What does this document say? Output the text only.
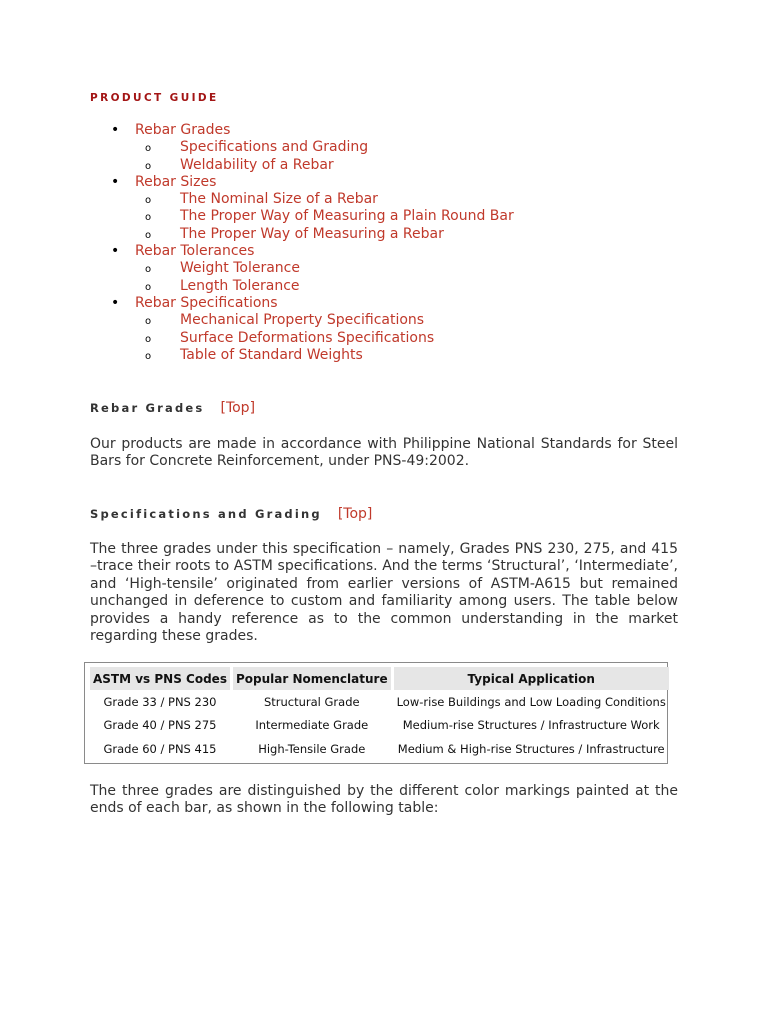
PRODUCT GUIDE
• Rebar Grades
o Specifications and Grading
o Weldability of a Rebar
• Rebar Sizes
o The Nominal Size of a Rebar
o The Proper Way of Measuring a Plain Round Bar
o The Proper Way of Measuring a Rebar
• Rebar Tolerances
o Weight Tolerance
o Length Tolerance
• Rebar Specifications
o Mechanical Property Specifications
o Surface Deformations Specifications
o Table of Standard Weights
Rebar Grades [Top]

Our products are made in accordance with Philippine National Standards for Steel Bars for Concrete Reinforcement, under PNS-49:2002.

Specifications and Grading [Top]

The three grades under this specification – namely, Grades PNS 230, 275, and 415 –trace their roots to ASTM specifications. And the terms ‘Structural’, ‘Intermediate’, and ‘High-tensile’ originated from earlier versions of ASTM-A615 but remained unchanged in deference to custom and familiarity among users. The table below provides a handy reference as to the common understanding in the market regarding these grades.

ASTM vs PNS Codes	Popular Nomenclature	Typical Application
Grade 33 / PNS 230	Structural Grade	Low-rise Buildings and Low Loading Conditions
Grade 40 / PNS 275	Intermediate Grade	Medium-rise Structures / Infrastructure Work
Grade 60 / PNS 415	High-Tensile Grade	Medium & High-rise Structures / Infrastructure

The three grades are distinguished by the different color markings painted at the ends of each bar, as shown in the following table:
